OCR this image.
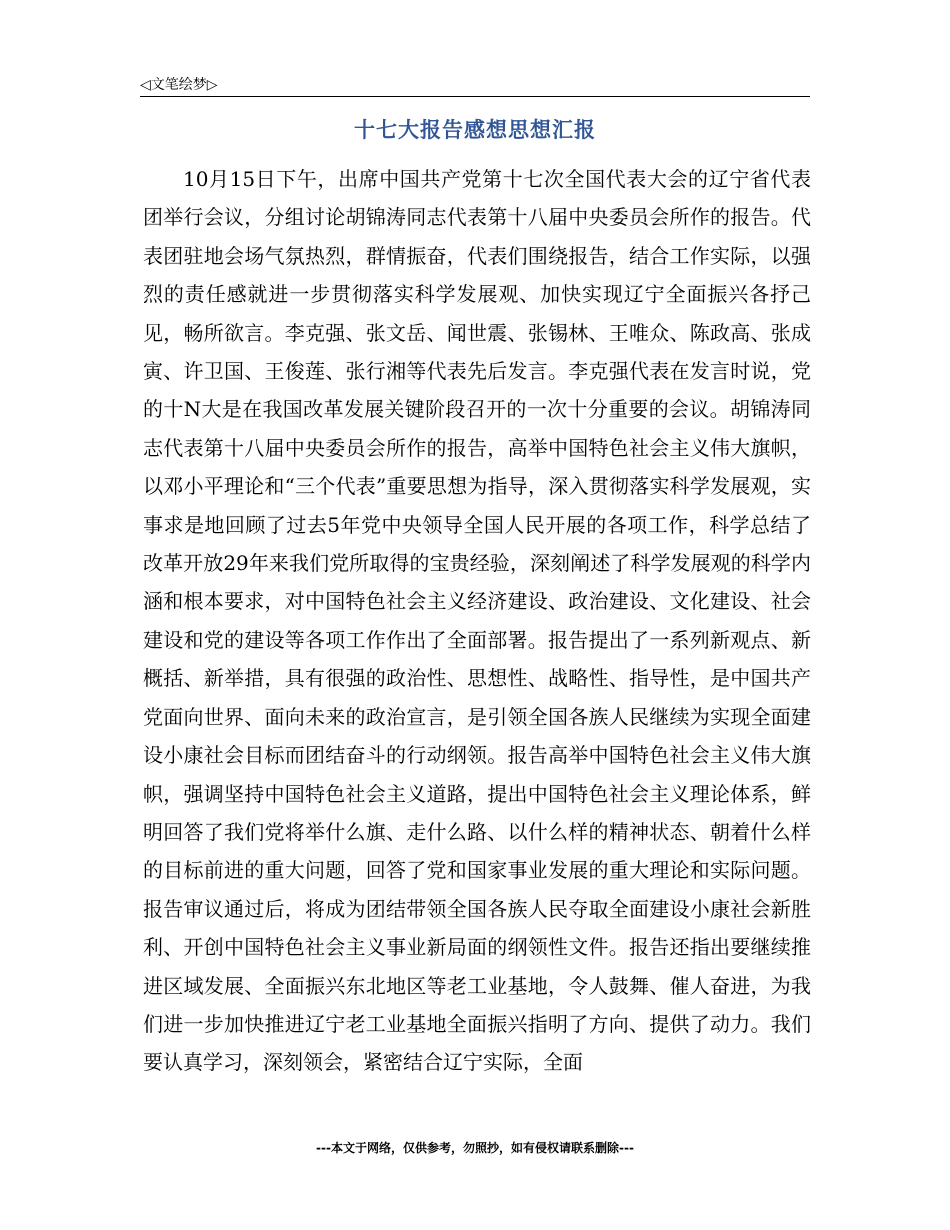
◁文笔绘梦▷
十七大报告感想思想汇报

10月15日下午，出席中国共产党第十七次全国代表大会的辽宁省代表团举行会议，分组讨论胡锦涛同志代表第十八届中央委员会所作的报告。代表团驻地会场气氛热烈，群情振奋，代表们围绕报告，结合工作实际，以强烈的责任感就进一步贯彻落实科学发展观、加快实现辽宁全面振兴各抒己见，畅所欲言。李克强、张文岳、闻世震、张锡林、王唯众、陈政高、张成寅、许卫国、王俊莲、张行湘等代表先后发言。李克强代表在发言时说，党的十N大是在我国改革发展关键阶段召开的一次十分重要的会议。胡锦涛同志代表第十八届中央委员会所作的报告，高举中国特色社会主义伟大旗帜，以邓小平理论和“三个代表”重要思想为指导，深入贯彻落实科学发展观，实事求是地回顾了过去5年党中央领导全国人民开展的各项工作，科学总结了改革开放29年来我们党所取得的宝贵经验，深刻阐述了科学发展观的科学内涵和根本要求，对中国特色社会主义经济建设、政治建设、文化建设、社会建设和党的建设等各项工作作出了全面部署。报告提出了一系列新观点、新概括、新举措，具有很强的政治性、思想性、战略性、指导性，是中国共产党面向世界、面向未来的政治宣言，是引领全国各族人民继续为实现全面建设小康社会目标而团结奋斗的行动纲领。报告高举中国特色社会主义伟大旗帜，强调坚持中国特色社会主义道路，提出中国特色社会主义理论体系，鲜明回答了我们党将举什么旗、走什么路、以什么样的精神状态、朝着什么样的目标前进的重大问题，回答了党和国家事业发展的重大理论和实际问题。报告审议通过后，将成为团结带领全国各族人民夺取全面建设小康社会新胜利、开创中国特色社会主义事业新局面的纲领性文件。报告还指出要继续推进区域发展、全面振兴东北地区等老工业基地，令人鼓舞、催人奋进，为我们进一步加快推进辽宁老工业基地全面振兴指明了方向、提供了动力。我们要认真学习，深刻领会，紧密结合辽宁实际，全面

---本文于网络，仅供参考，勿照抄，如有侵权请联系删除---
